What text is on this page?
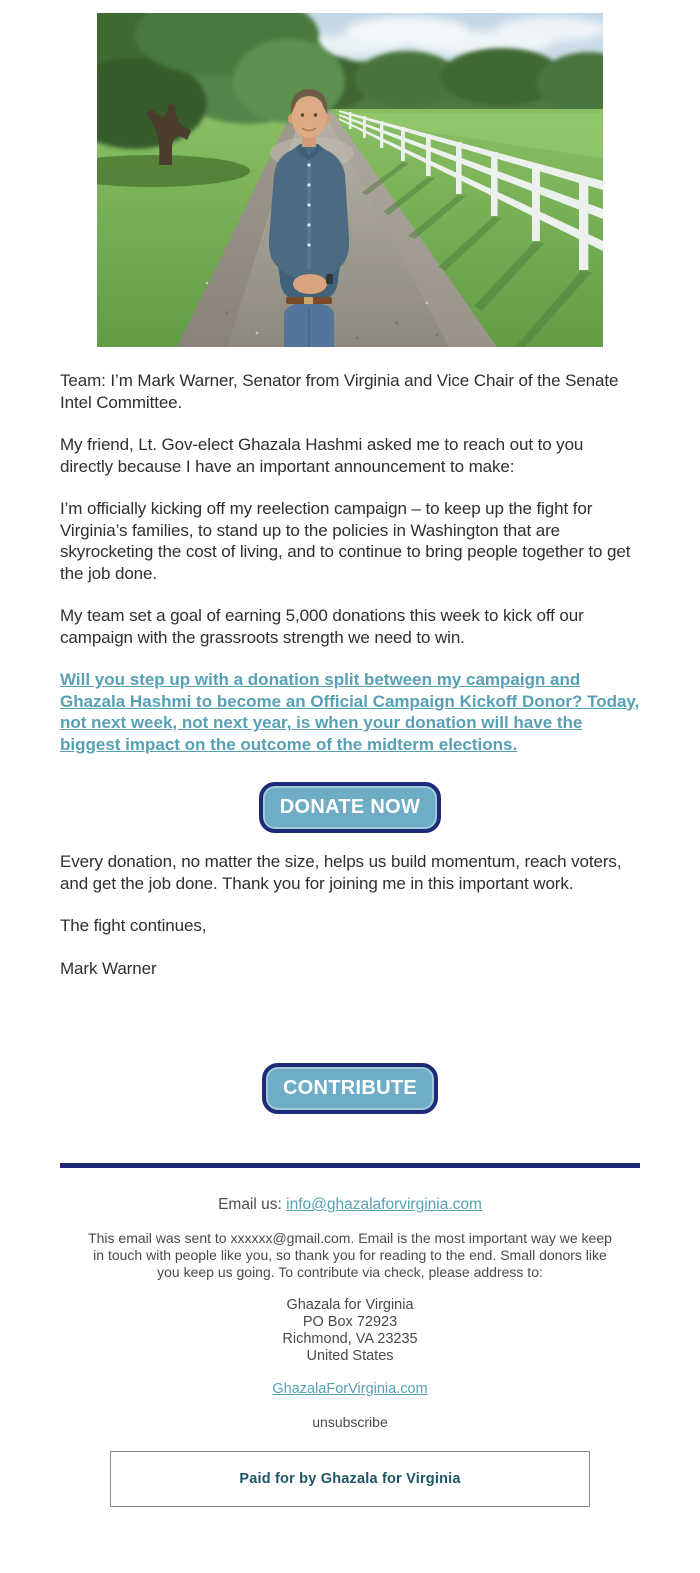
Team: I’m Mark Warner, Senator from Virginia and Vice Chair of the Senate Intel Committee.

My friend, Lt. Gov-elect Ghazala Hashmi asked me to reach out to you directly because I have an important announcement to make:

I’m officially kicking off my reelection campaign – to keep up the fight for Virginia’s families, to stand up to the policies in Washington that are skyrocketing the cost of living, and to continue to bring people together to get the job done.

My team set a goal of earning 5,000 donations this week to kick off our campaign with the grassroots strength we need to win.

Will you step up with a donation split between my campaign and Ghazala Hashmi to become an Official Campaign Kickoff Donor? Today, not next week, not next year, is when your donation will have the biggest impact on the outcome of the midterm elections.

DONATE NOW

Every donation, no matter the size, helps us build momentum, reach voters, and get the job done. Thank you for joining me in this important work.

The fight continues,

Mark Warner

CONTRIBUTE

Email us: info@ghazalaforvirginia.com

This email was sent to xxxxxx@gmail.com. Email is the most important way we keep in touch with people like you, so thank you for reading to the end. Small donors like you keep us going. To contribute via check, please address to:

Ghazala for Virginia

PO Box 72923

Richmond, VA 23235

United States

GhazalaForVirginia.com

unsubscribe

Paid for by Ghazala for Virginia
